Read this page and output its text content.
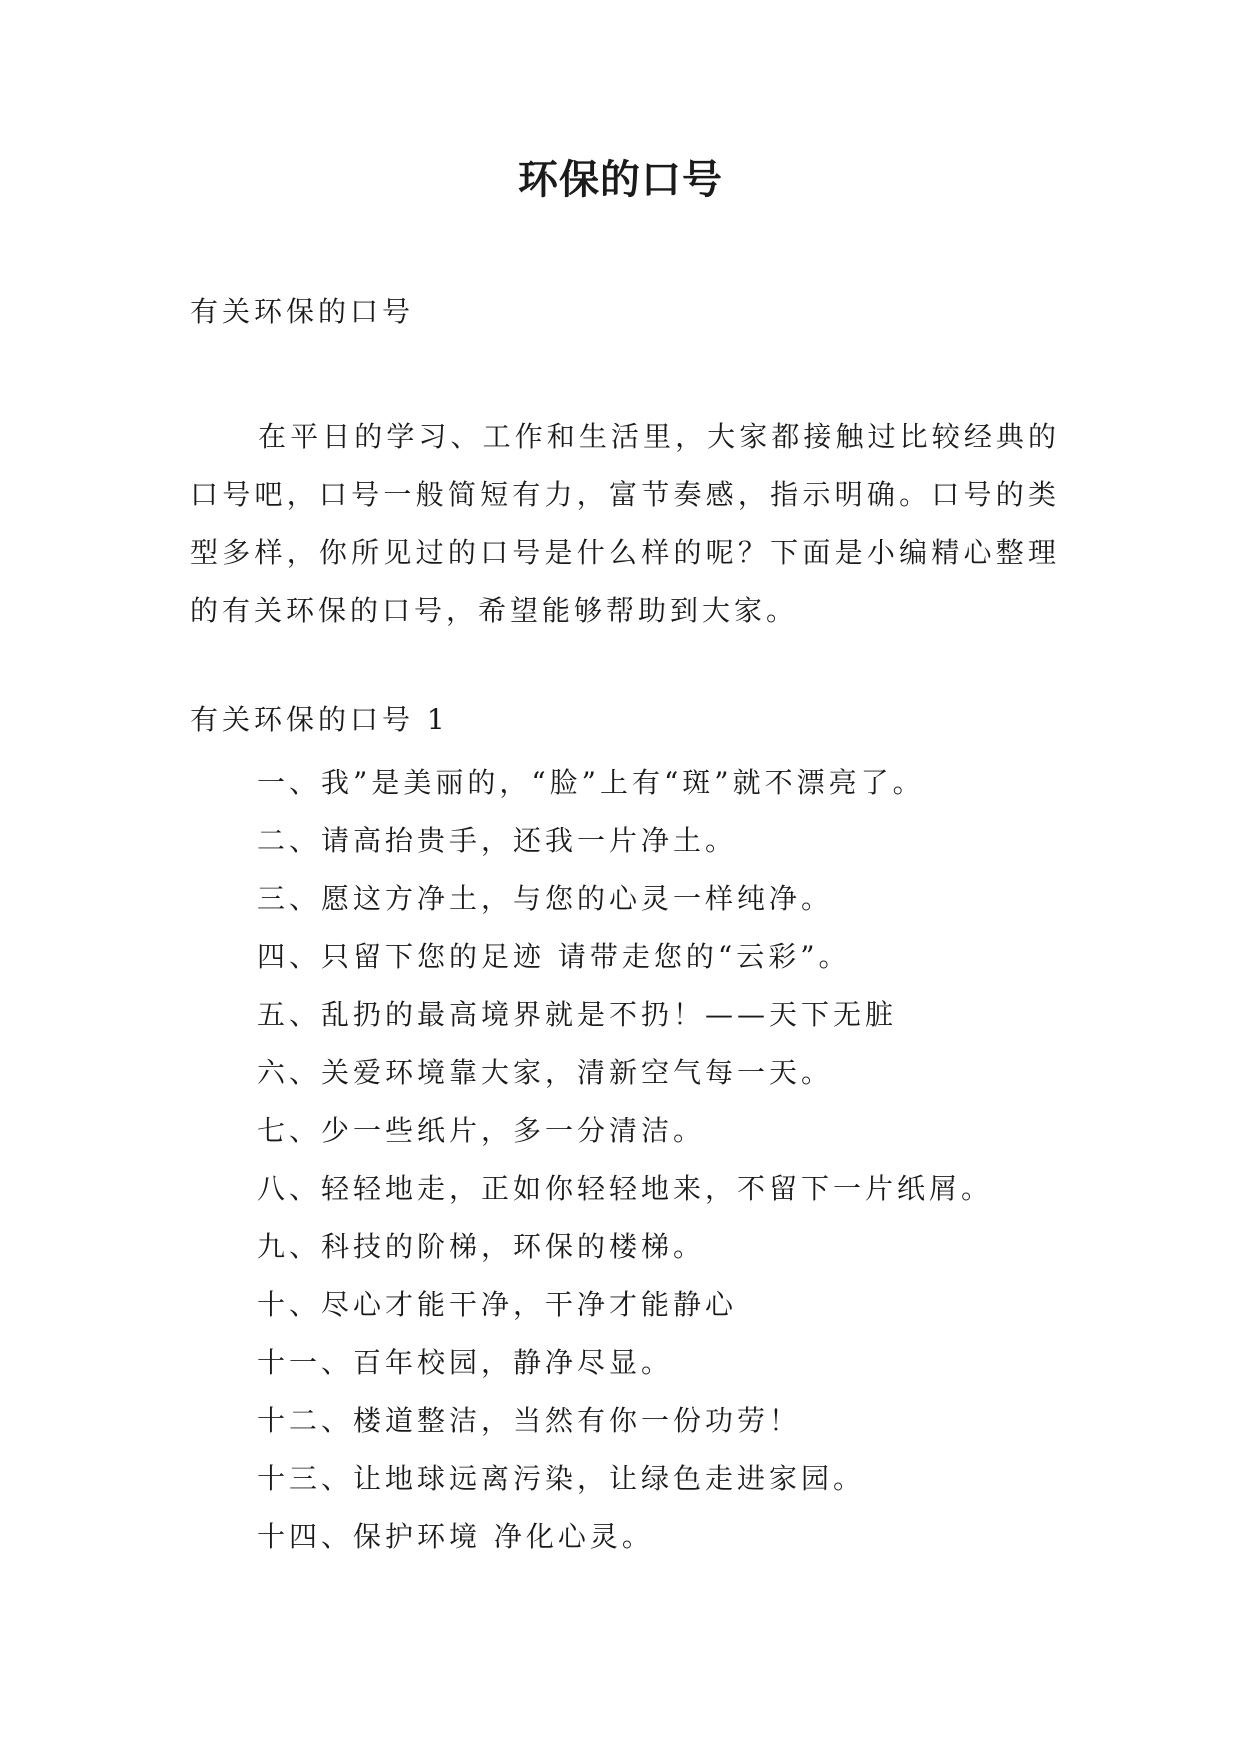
环保的口号

有关环保的口号

在平日的学习、工作和生活里，大家都接触过比较经典的口号吧，口号一般简短有力，富节奏感，指示明确。口号的类型多样，你所见过的口号是什么样的呢？下面是小编精心整理的有关环保的口号，希望能够帮助到大家。

有关环保的口号 1

一、我”是美丽的，“脸”上有“斑”就不漂亮了。
二、请高抬贵手，还我一片净土。
三、愿这方净土，与您的心灵一样纯净。
四、只留下您的足迹 请带走您的“云彩”。
五、乱扔的最高境界就是不扔！——天下无脏
六、关爱环境靠大家，清新空气每一天。
七、少一些纸片，多一分清洁。
八、轻轻地走，正如你轻轻地来，不留下一片纸屑。
九、科技的阶梯，环保的楼梯。
十、尽心才能干净，干净才能静心
十一、百年校园，静净尽显。
十二、楼道整洁，当然有你一份功劳！
十三、让地球远离污染，让绿色走进家园。
十四、保护环境 净化心灵。
